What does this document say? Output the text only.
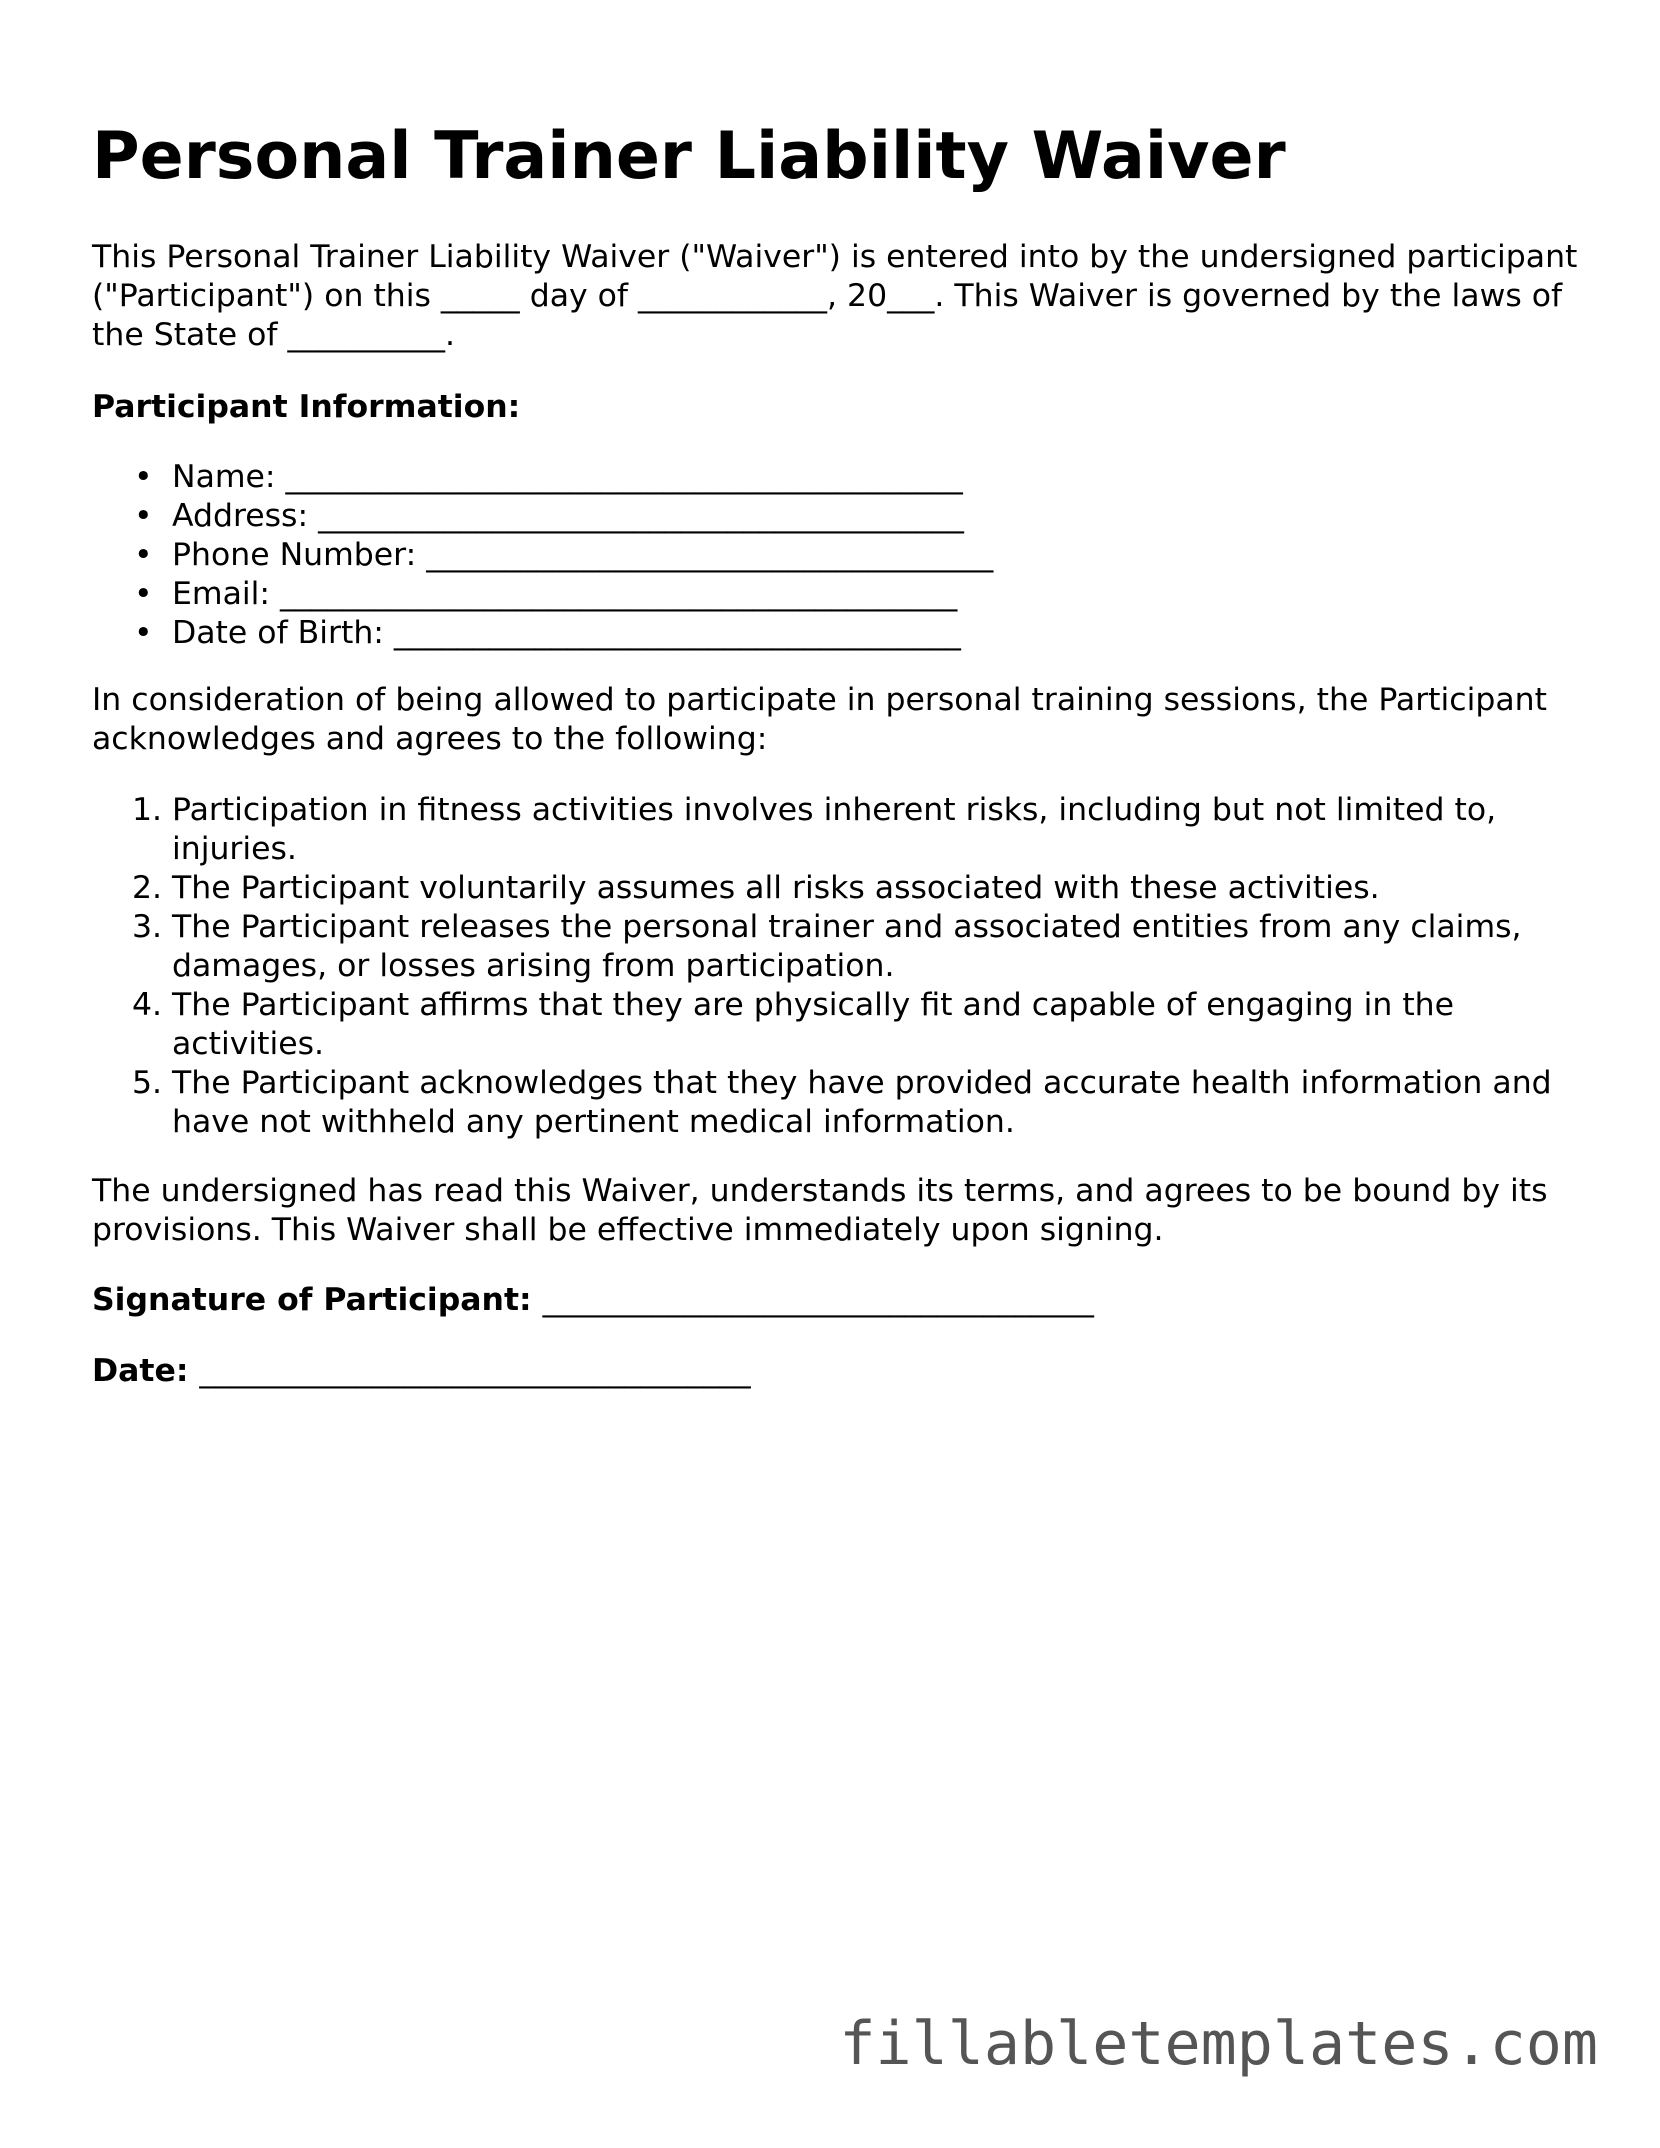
Personal Trainer Liability Waiver

This Personal Trainer Liability Waiver ("Waiver") is entered into by the undersigned participant ("Participant") on this _____ day of ____________, 20___. This Waiver is governed by the laws of the State of __________.

Participant Information:

• Name: ___________________________________________
• Address: _________________________________________
• Phone Number: ____________________________________
• Email: ___________________________________________
• Date of Birth: ____________________________________

In consideration of being allowed to participate in personal training sessions, the Participant acknowledges and agrees to the following:

1. Participation in fitness activities involves inherent risks, including but not limited to, injuries.
2. The Participant voluntarily assumes all risks associated with these activities.
3. The Participant releases the personal trainer and associated entities from any claims, damages, or losses arising from participation.
4. The Participant affirms that they are physically fit and capable of engaging in the activities.
5. The Participant acknowledges that they have provided accurate health information and have not withheld any pertinent medical information.

The undersigned has read this Waiver, understands its terms, and agrees to be bound by its provisions. This Waiver shall be effective immediately upon signing.

Signature of Participant: ___________________________________

Date: ___________________________________

fillabletemplates.com
